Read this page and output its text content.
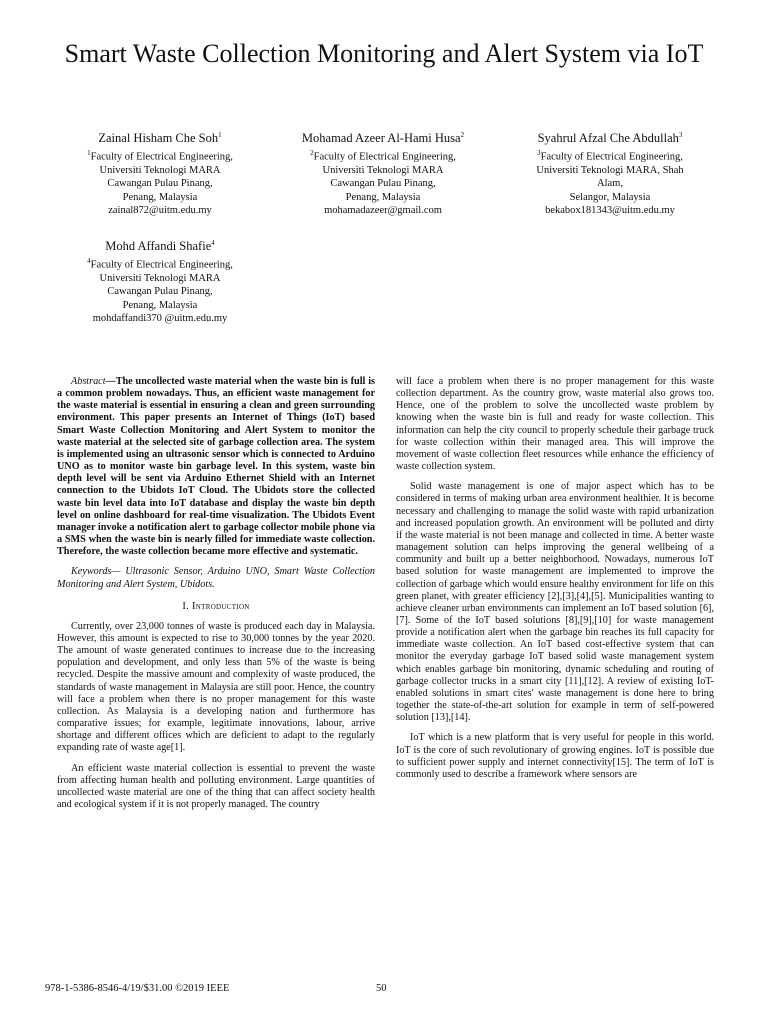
Smart Waste Collection Monitoring and Alert System via IoT
Zainal Hisham Che Soh$^1$
$^1$Faculty of Electrical Engineering,
Universiti Teknologi MARA
Cawangan Pulau Pinang,
Penang, Malaysia
zainal872@uitm.edu.my
Mohamad Azeer Al-Hami Husa$^2$
$^2$Faculty of Electrical Engineering,
Universiti Teknologi MARA
Cawangan Pulau Pinang,
Penang, Malaysia
mohamadazeer@gmail.com
Syahrul Afzal Che Abdullah$^3$
$^3$Faculty of Electrical Engineering,
Universiti Teknologi MARA, Shah
Alam,
Selangor, Malaysia
bekabox181343@uitm.edu.my
Mohd Affandi Shafie$^4$
$^4$Faculty of Electrical Engineering,
Universiti Teknologi MARA
Cawangan Pulau Pinang,
Penang, Malaysia
mohdaffandi370 @uitm.edu.my

Abstract—The uncollected waste material when the waste bin is full is a common problem nowadays. Thus, an efficient waste management for the waste material is essential in ensuring a clean and green surrounding environment. This paper presents an Internet of Things (IoT) based Smart Waste Collection Monitoring and Alert System to monitor the waste material at the selected site of garbage collection area. The system is implemented using an ultrasonic sensor which is connected to Arduino UNO as to monitor waste bin garbage level. In this system, waste bin depth level will be sent via Arduino Ethernet Shield with an Internet connection to the Ubidots IoT Cloud. The Ubidots store the collected waste bin level data into IoT database and display the waste bin depth level on online dashboard for real-time visualization. The Ubidots Event manager invoke a notification alert to garbage collector mobile phone via a SMS when the waste bin is nearly filled for immediate waste collection. Therefore, the waste collection became more effective and systematic.

Keywords— Ultrasonic Sensor, Arduino UNO, Smart Waste Collection Monitoring and Alert System, Ubidots.

I. Introduction

Currently, over 23,000 tonnes of waste is produced each day in Malaysia. However, this amount is expected to rise to 30,000 tonnes by the year 2020. The amount of waste generated continues to increase due to the increasing population and development, and only less than 5% of the waste is being recycled. Despite the massive amount and complexity of waste produced, the standards of waste management in Malaysia are still poor. Hence, the country will face a problem when there is no proper management for this waste collection. As Malaysia is a developing nation and furthermore has comparative issues; for example, legitimate innovations, labour, arrive shortage and different offices which are deficient to adapt to the regularly expanding rate of waste age[1].

An efficient waste material collection is essential to prevent the waste from affecting human health and polluting environment. Large quantities of uncollected waste material are one of the thing that can affect society health and ecological system if it is not properly managed. The country

will face a problem when there is no proper management for this waste collection department. As the country grow, waste material also grows too. Hence, one of the problem to solve the uncollected waste problem by knowing when the waste bin is full and ready for waste collection. This information can help the city council to properly schedule their garbage truck for waste collection within their managed area. This will improve the movement of waste collection fleet resources while enhance the efficiency of waste collection system.

Solid waste management is one of major aspect which has to be considered in terms of making urban area environment healthier. It is become necessary and challenging to manage the solid waste with rapid urbanization and increased population growth. An environment will be polluted and dirty if the waste material is not been manage and collected in time. A better waste management solution can helps improving the general wellbeing of a community and built up a better neighborhood. Nowadays, numerous IoT based solution for waste management are implemented to improve the collection of garbage which would ensure healthy environment for life on this green planet, with greater efficiency [2],[3],[4],[5]. Municipalities wanting to achieve cleaner urban environments can implement an IoT based solution [6],[7]. Some of the IoT based solutions [8],[9],[10] for waste management provide a notification alert when the garbage bin reaches its full capacity for immediate waste collection. An IoT based cost-effective system that can monitor the everyday garbage IoT based solid waste management system which enables garbage bin monitoring, dynamic scheduling and routing of garbage collector trucks in a smart city [11],[12]. A review of existing IoT-enabled solutions in smart cites' waste management is done here to bring together the state-of-the-art solution for example in term of self-powered solution [13],[14].

IoT which is a new platform that is very useful for people in this world. IoT is the core of such revolutionary of growing engines. IoT is possible due to sufficient power supply and internet connectivity[15]. The term of IoT is commonly used to describe a framework where sensors are

978-1-5386-8546-4/19/$31.00 ©2019 IEEE	50
